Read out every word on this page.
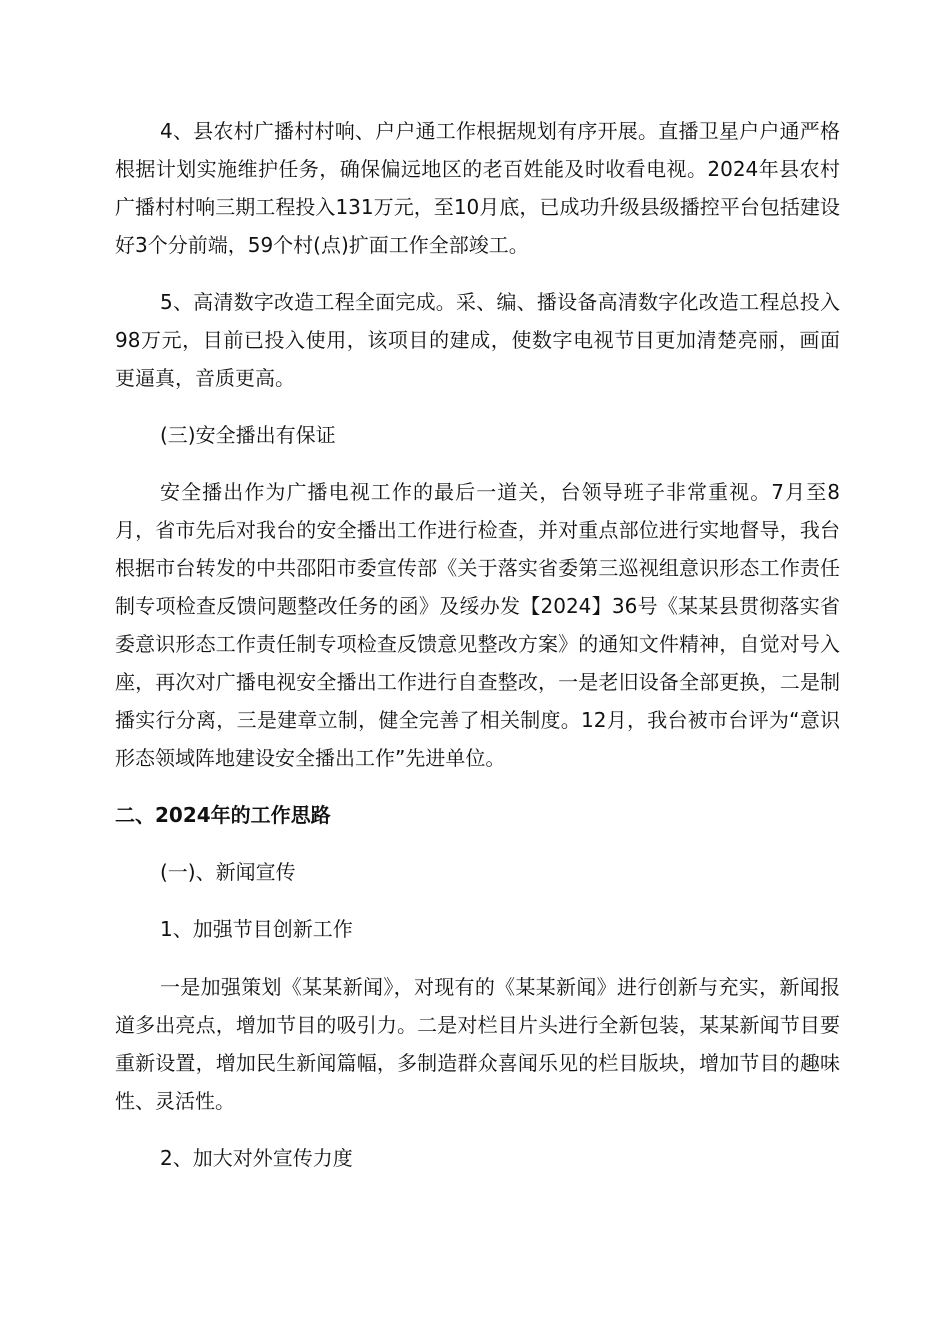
4、县农村广播村村响、户户通工作根据规划有序开展。直播卫星户户通严格根据计划实施维护任务，确保偏远地区的老百姓能及时收看电视。2024年县农村广播村村响三期工程投入131万元，至10月底，已成功升级县级播控平台包括建设好3个分前端，59个村(点)扩面工作全部竣工。

5、高清数字改造工程全面完成。采、编、播设备高清数字化改造工程总投入98万元，目前已投入使用，该项目的建成，使数字电视节目更加清楚亮丽，画面更逼真，音质更高。

(三)安全播出有保证

安全播出作为广播电视工作的最后一道关，台领导班子非常重视。7月至8月，省市先后对我台的安全播出工作进行检查，并对重点部位进行实地督导，我台根据市台转发的中共邵阳市委宣传部《关于落实省委第三巡视组意识形态工作责任制专项检查反馈问题整改任务的函》及绥办发【2024】36号《某某县贯彻落实省委意识形态工作责任制专项检查反馈意见整改方案》的通知文件精神，自觉对号入座，再次对广播电视安全播出工作进行自查整改，一是老旧设备全部更换，二是制播实行分离，三是建章立制，健全完善了相关制度。12月，我台被市台评为“意识形态领域阵地建设安全播出工作”先进单位。

二、2024年的工作思路

(一)、新闻宣传

1、加强节目创新工作

一是加强策划《某某新闻》，对现有的《某某新闻》进行创新与充实，新闻报道多出亮点，增加节目的吸引力。二是对栏目片头进行全新包装，某某新闻节目要重新设置，增加民生新闻篇幅，多制造群众喜闻乐见的栏目版块，增加节目的趣味性、灵活性。

2、加大对外宣传力度
